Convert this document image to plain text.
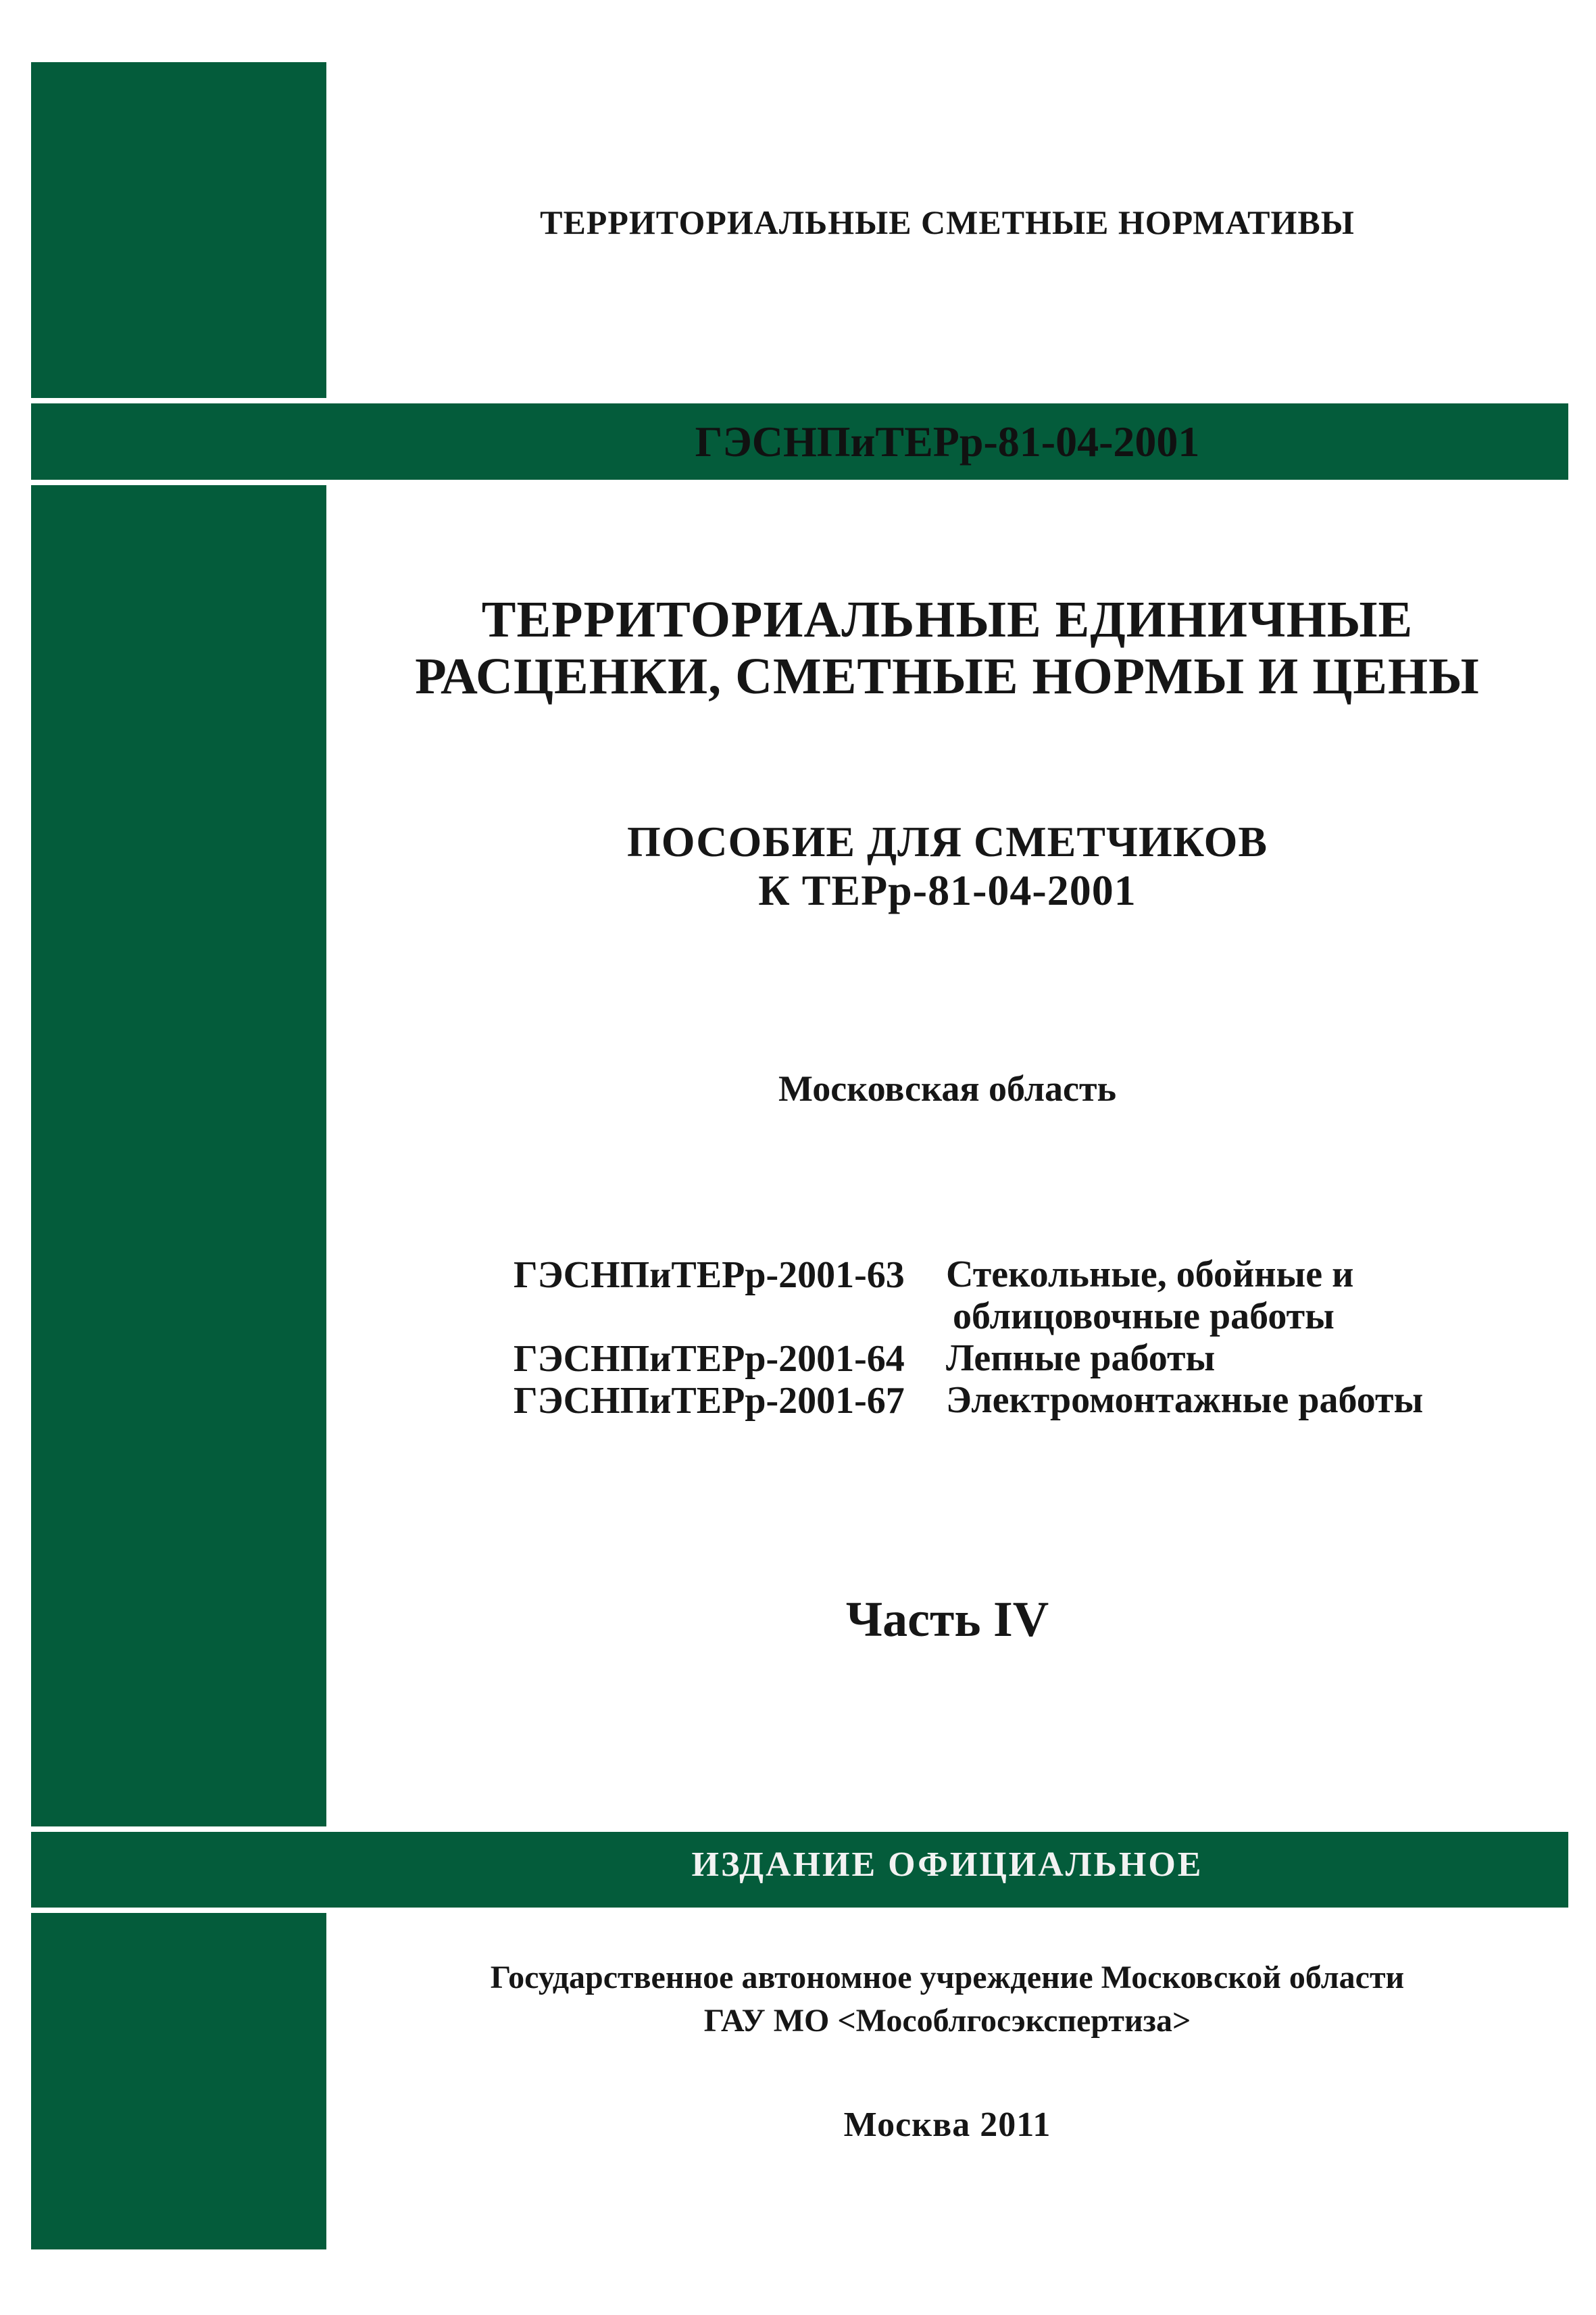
ТЕРРИТОРИАЛЬНЫЕ СМЕТНЫЕ НОРМАТИВЫ
ГЭСНПиТЕРр-81-04-2001
ТЕРРИТОРИАЛЬНЫЕ ЕДИНИЧНЫЕ
РАСЦЕНКИ, СМЕТНЫЕ НОРМЫ И ЦЕНЫ
ПОСОБИЕ ДЛЯ СМЕТЧИКОВ
К ТЕРр-81-04-2001
Московская область
ГЭСНПиТЕРр-2001-63 Стекольные, обойные и
облицовочные работы
ГЭСНПиТЕРр-2001-64 Лепные работы
ГЭСНПиТЕРр-2001-67 Электромонтажные работы
Часть IV
ИЗДАНИЕ ОФИЦИАЛЬНОЕ
Государственное автономное учреждение Московской области
ГАУ МО <Мособлгосэкспертиза>
Москва 2011
